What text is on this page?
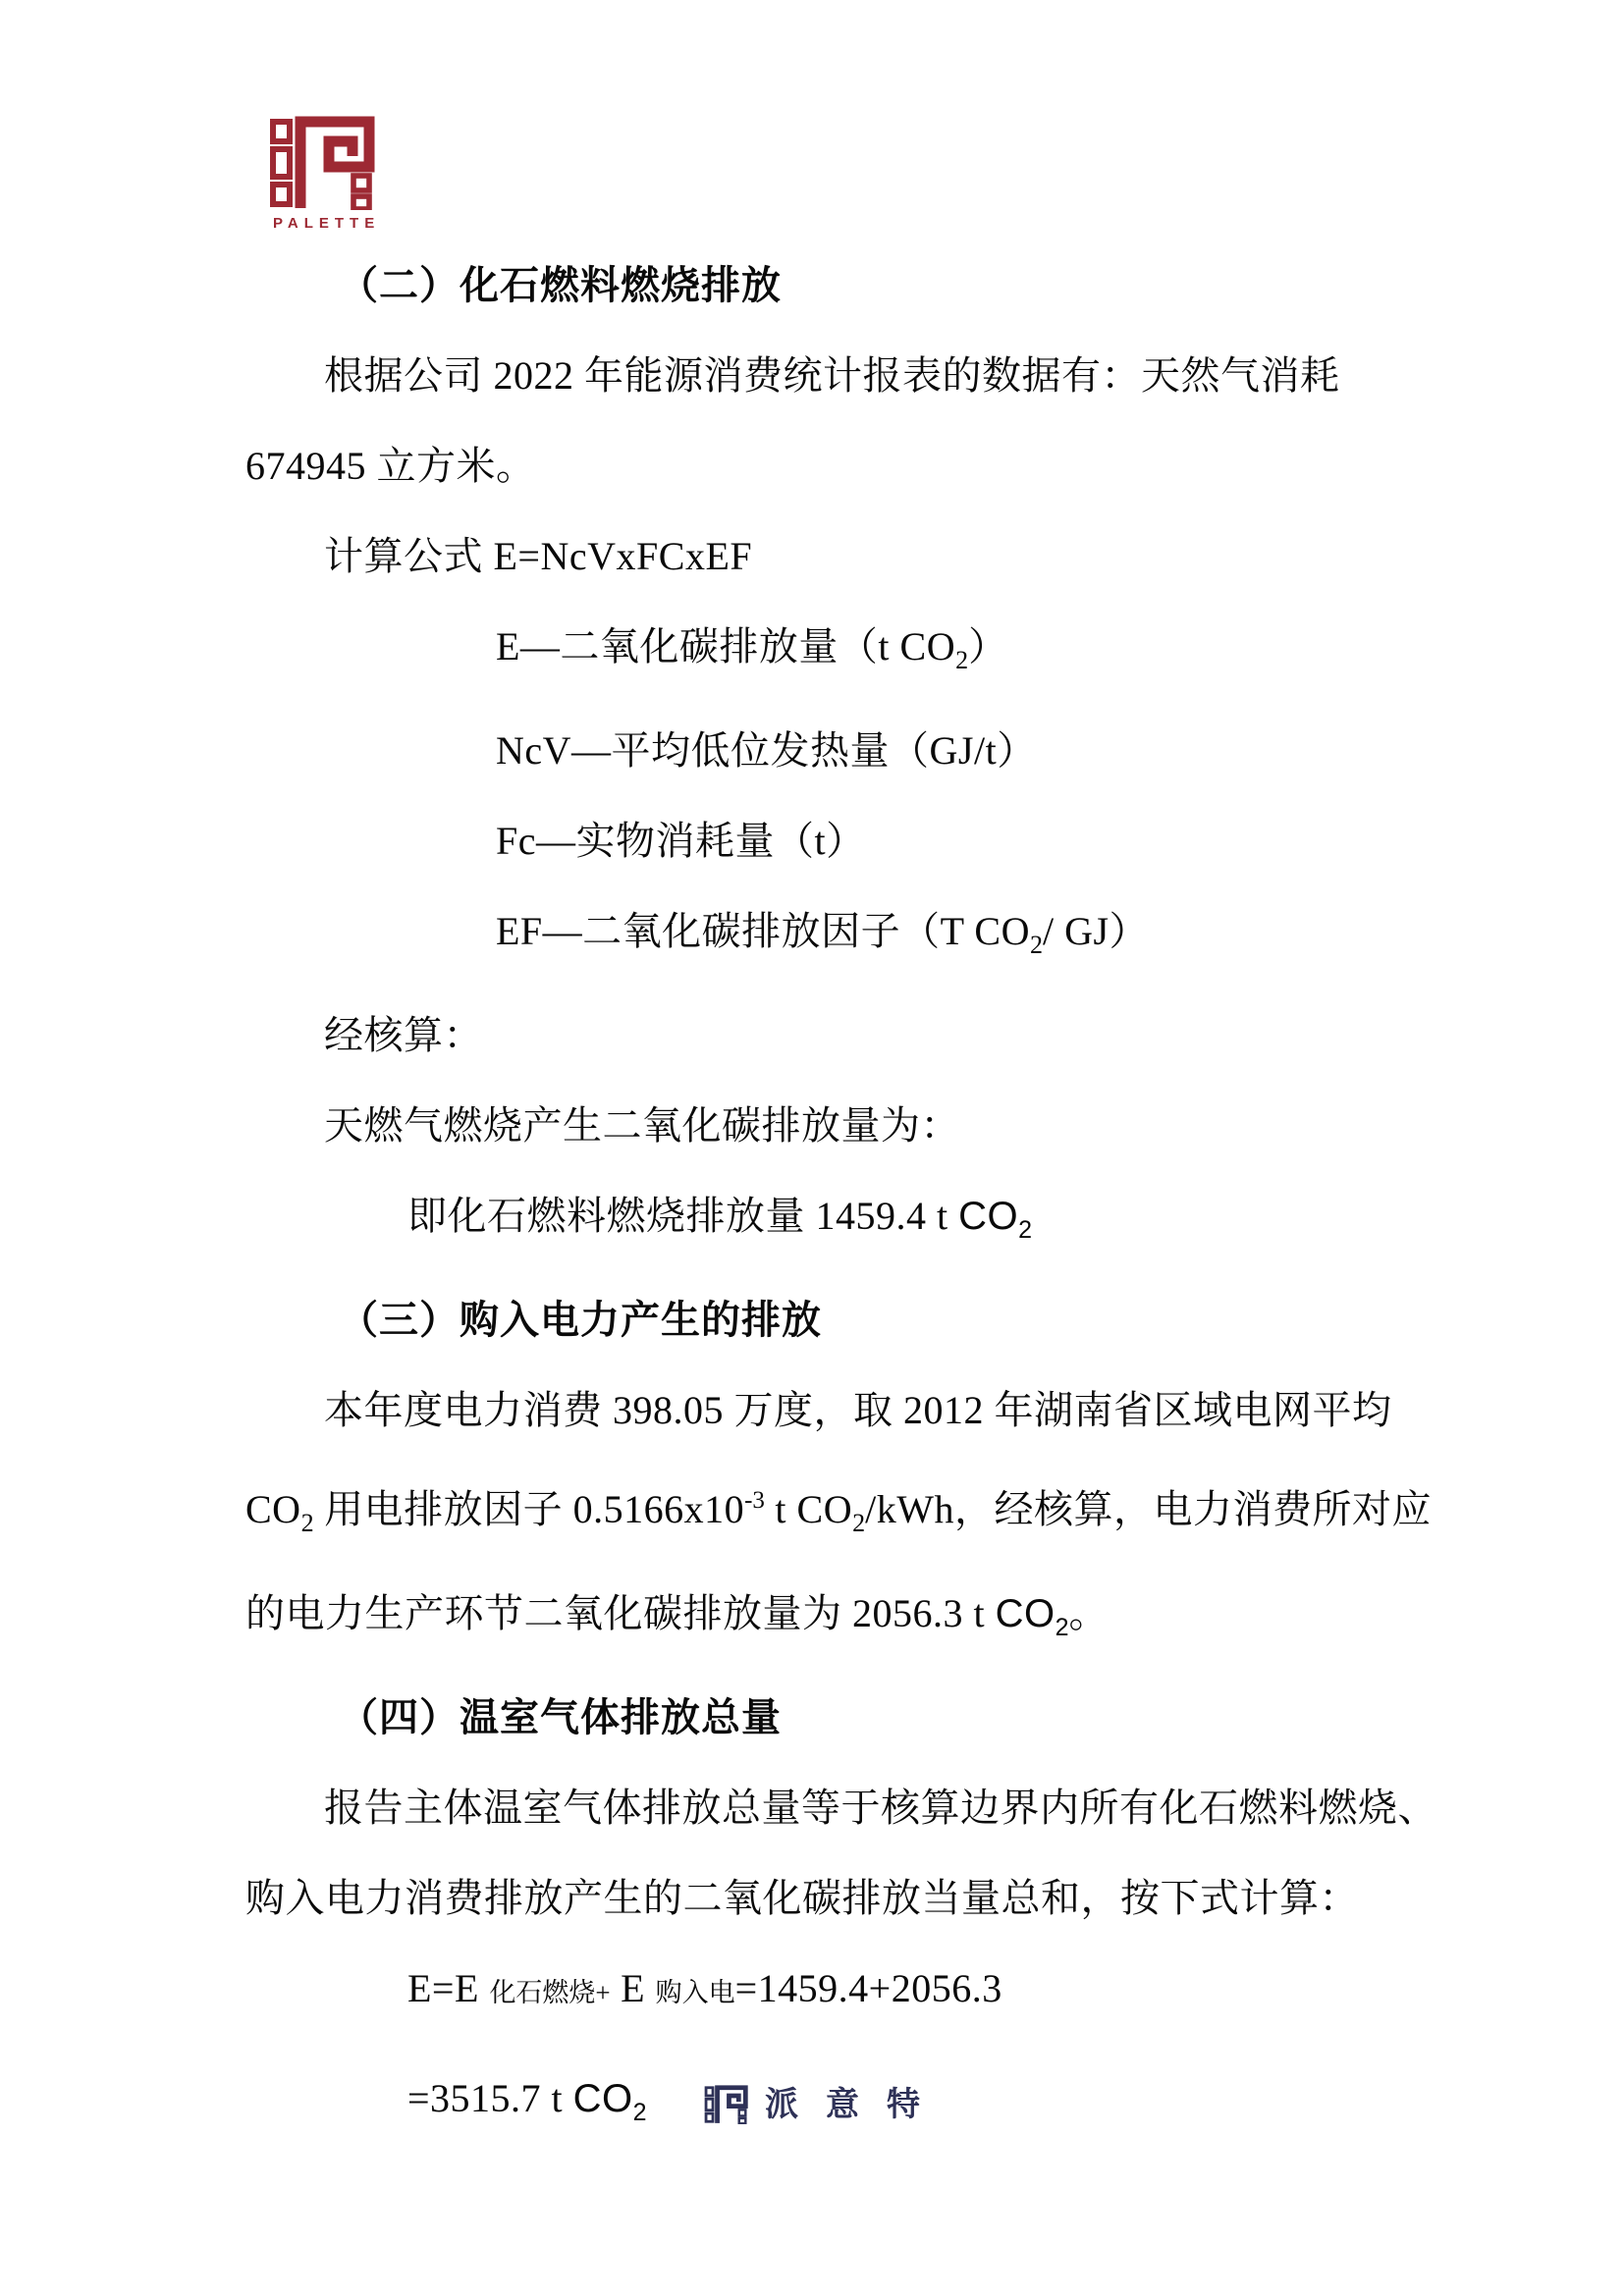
PALETTE
（二）化石燃料燃烧排放
根据公司 2022 年能源消费统计报表的数据有：天然气消耗
674945 立方米。
计算公式 E=NcVxFCxEF
E—二氧化碳排放量（t $CO_2$）
NcV—平均低位发热量（GJ/t）
Fc—实物消耗量（t）
EF—二氧化碳排放因子（T $CO_2/$ GJ）
经核算：
天燃气燃烧产生二氧化碳排放量为：
即化石燃料燃烧排放量 1459.4 t $CO_2$
（三）购入电力产生的排放
本年度电力消费 398.05 万度，取 2012 年湖南省区域电网平均
$CO_2$ 用电排放因子 $0.5166x10^{-3}$ t $CO_2$/kWh，经核算，电力消费所对应
的电力生产环节二氧化碳排放量为 2056.3 t $CO_2$。
（四）温室气体排放总量
报告主体温室气体排放总量等于核算边界内所有化石燃料燃烧、
购入电力消费排放产生的二氧化碳排放当量总和，按下式计算：
E=E 化石燃烧+ E 购入电=1459.4+2056.3
=3515.7 t $CO_2$	派意特
